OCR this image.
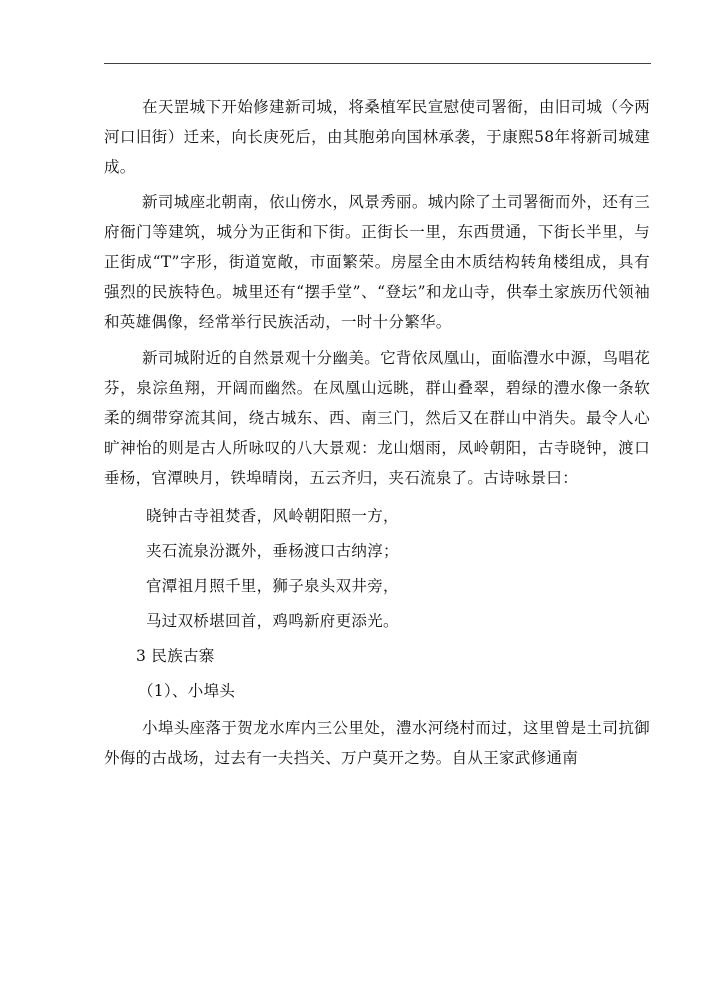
在天罡城下开始修建新司城，将桑植军民宣慰使司署衙，由旧司城（今两河口旧街）迁来，向长庚死后，由其胞弟向国林承袭，于康熙58年将新司城建成。

新司城座北朝南，依山傍水，风景秀丽。城内除了土司署衙而外，还有三府衙门等建筑，城分为正街和下街。正街长一里，东西贯通，下街长半里，与正街成“T”字形，街道宽敞，市面繁荣。房屋全由木质结构转角楼组成，具有强烈的民族特色。城里还有“摆手堂”、“登坛”和龙山寺，供奉土家族历代领袖和英雄偶像，经常举行民族活动，一时十分繁华。

新司城附近的自然景观十分幽美。它背依凤凰山，面临澧水中源，鸟唱花芬，泉淙鱼翔，开阔而幽然。在凤凰山远眺，群山叠翠，碧绿的澧水像一条软柔的绸带穿流其间，绕古城东、西、南三门，然后又在群山中消失。最令人心旷神怡的则是古人所咏叹的八大景观：龙山烟雨，凤岭朝阳，古寺晓钟，渡口垂杨，官潭映月，铁埠晴岗，五云齐归，夹石流泉了。古诗咏景曰：

晓钟古寺祖焚香，风岭朝阳照一方，

夹石流泉汾溉外，垂杨渡口古纳淳；

官潭祖月照千里，狮子泉头双井旁，

马过双桥堪回首，鸡鸣新府更添光。

3 民族古寨

（1）、小埠头

小埠头座落于贺龙水库内三公里处，澧水河绕村而过，这里曾是土司抗御外侮的古战场，过去有一夫挡关、万户莫开之势。自从王家武修通南
